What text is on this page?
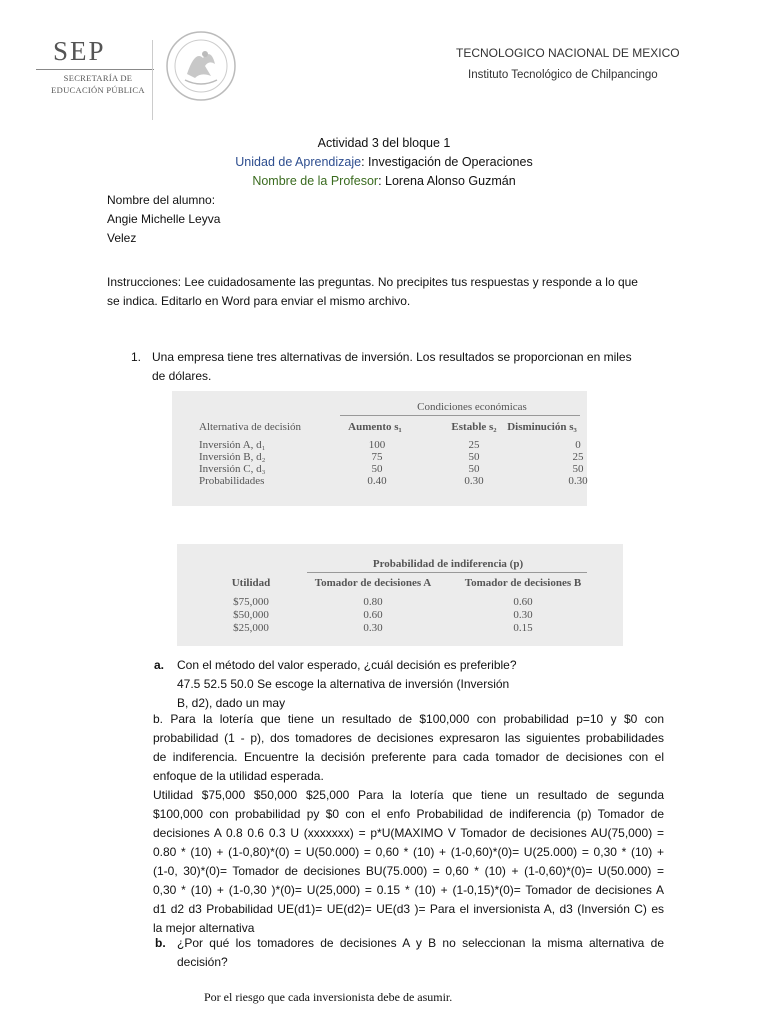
SEP
SECRETARÍA DE
EDUCACIÓN PÚBLICA
TECNOLOGICO NACIONAL DE MEXICO
Instituto Tecnológico de Chilpancingo
Actividad 3 del bloque 1
Unidad de Aprendizaje: Investigación de Operaciones
Nombre de la Profesor: Lorena Alonso Guzmán
Nombre del alumno:
Angie Michelle Leyva
Velez
Instrucciones: Lee cuidadosamente las preguntas. No precipites tus respuestas y responde a lo que
se indica. Editarlo en Word para enviar el mismo archivo.
1. Una empresa tiene tres alternativas de inversión. Los resultados se proporcionan en miles
de dólares.
Condiciones económicas
Alternativa de decisión	Aumento s₁	Estable s₂ Disminución s₃
Inversión A, d₁	100	25	0
Inversión B, d₂	75	50	25
Inversión C, d₃	50	50	50
Probabilidades	0.40	0.30	0.30
Probabilidad de indiferencia (p)
Utilidad	Tomador de decisiones A	Tomador de decisiones B
$75,000	0.80	0.60
$50,000	0.60	0.30
$25,000	0.30	0.15
a. Con el método del valor esperado, ¿cuál decisión es preferible?
47.5 52.5 50.0 Se escoge la alternativa de inversión (Inversión
B, d2), dado un may
b. Para la lotería que tiene un resultado de $100,000 con probabilidad p=10 y $0 con
probabilidad (1 - p), dos tomadores de decisiones expresaron las siguientes probabilidades
de indiferencia. Encuentre la decisión preferente para cada tomador de decisiones con el
enfoque de la utilidad esperada.
Utilidad $75,000 $50,000 $25,000 Para la lotería que tiene un resultado de segunda
$100,000 con probabilidad py $0 con el enfo Probabilidad de indiferencia (p) Tomador de
decisiones A 0.8 0.6 0.3 U (xxxxxxx) = p*U(MAXIMO V Tomador de decisiones AU(75,000) =
0.80 * (10) + (1-0,80)*(0) = U(50.000) = 0,60 * (10) + (1-0,60)*(0)= U(25.000) = 0,30 * (10) +
(1-0, 30)*(0)= Tomador de decisiones BU(75.000) = 0,60 * (10) + (1-0,60)*(0)= U(50.000) =
0,30 * (10) + (1-0,30 )*(0)= U(25,000) = 0.15 * (10) + (1-0,15)*(0)= Tomador de decisiones A
d1 d2 d3 Probabilidad UE(d1)= UE(d2)= UE(d3 )= Para el inversionista A, d3 (Inversión C) es
la mejor alternativa
b. ¿Por qué los tomadores de decisiones A y B no seleccionan la misma alternativa de
decisión?
Por el riesgo que cada inversionista debe de asumir.
